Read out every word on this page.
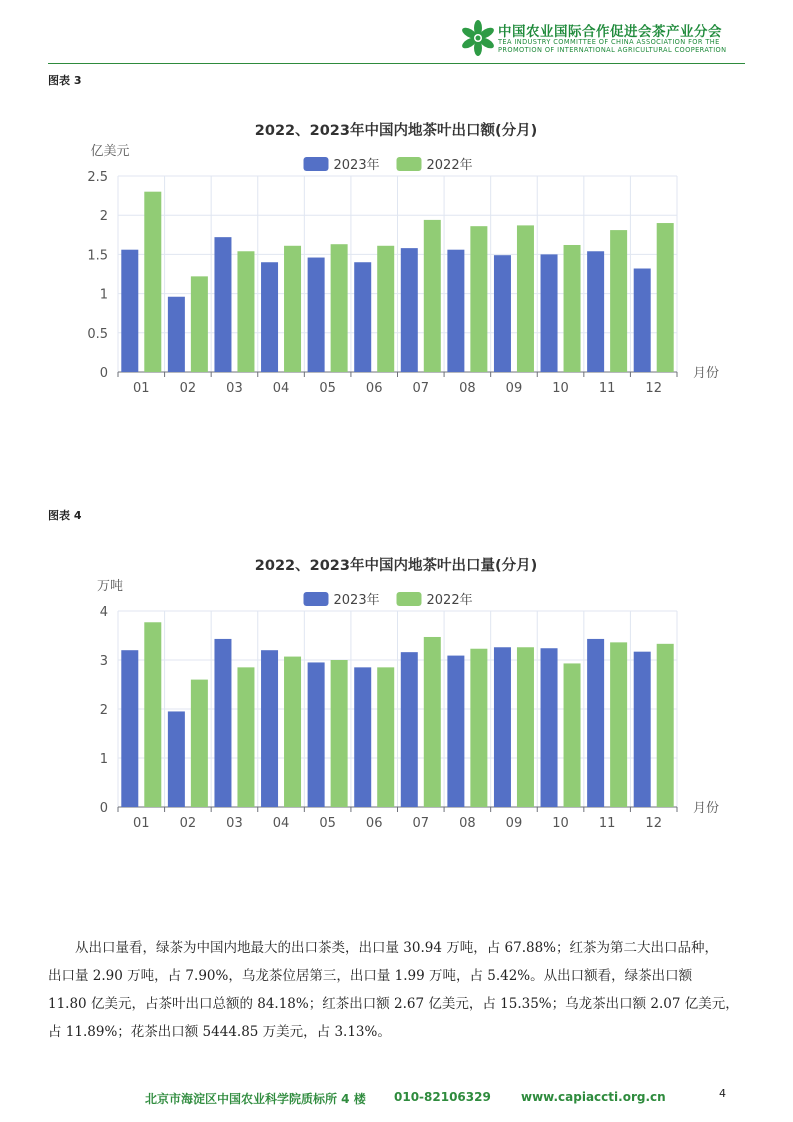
中国农业国际合作促进会茶产业分会
TEA INDUSTRY COMMITTEE OF CHINA ASSOCIATION FOR THE
PROMOTION OF INTERNATIONAL AGRICULTURAL COOPERATION
图表 3
2022、2023年中国内地茶叶出口额(分月)
2023年	2022年
亿美元
0
0.5
1
1.5
2
2.5
01 02 03 04 05 06 07 08 09 10 11 12
月份
图表 4
2022、2023年中国内地茶叶出口量(分月)
2023年	2022年
万吨
0
1
2
3
4
01 02 03 04 05 06 07 08 09 10 11 12
月份
从出口量看，绿茶为中国内地最大的出口茶类，出口量 30.94 万吨，占 67.88%；红茶为第二大出口品种，
出口量 2.90 万吨，占 7.90%，乌龙茶位居第三，出口量 1.99 万吨，占 5.42%。从出口额看，绿茶出口额
11.80 亿美元，占茶叶出口总额的 84.18%；红茶出口额 2.67 亿美元，占 15.35%；乌龙茶出口额 2.07 亿美元，
占 11.89%；花茶出口额 5444.85 万美元，占 3.13%。
北京市海淀区中国农业科学院质标所 4 楼 010-82106329	www.capiaccti.org.cn	4
